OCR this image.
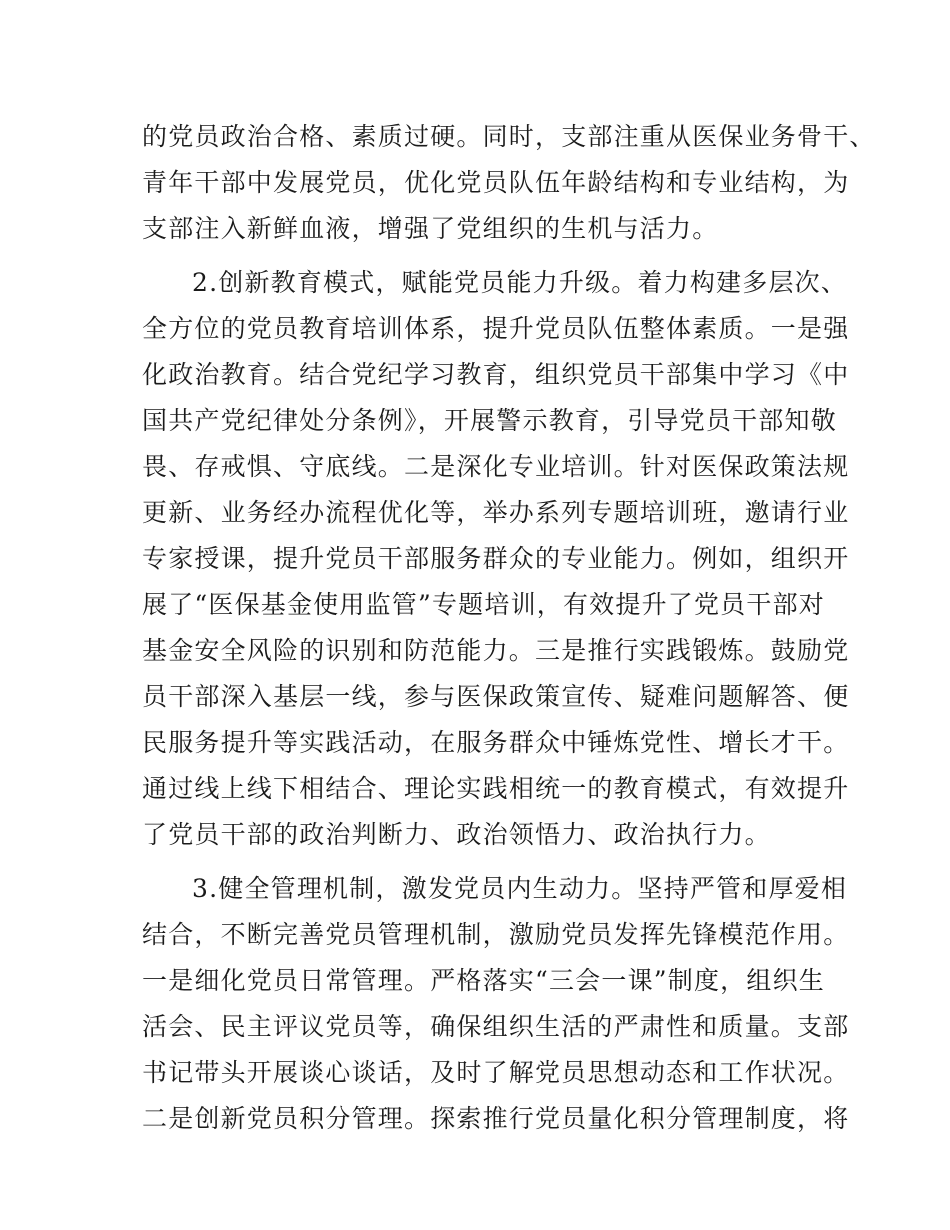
的党员政治合格、素质过硬。同时，支部注重从医保业务骨干、
青年干部中发展党员，优化党员队伍年龄结构和专业结构，为
支部注入新鲜血液，增强了党组织的生机与活力。
2.创新教育模式，赋能党员能力升级。着力构建多层次、
全方位的党员教育培训体系，提升党员队伍整体素质。一是强
化政治教育。结合党纪学习教育，组织党员干部集中学习《中
国共产党纪律处分条例》，开展警示教育，引导党员干部知敬
畏、存戒惧、守底线。二是深化专业培训。针对医保政策法规
更新、业务经办流程优化等，举办系列专题培训班，邀请行业
专家授课，提升党员干部服务群众的专业能力。例如，组织开
展了“医保基金使用监管”专题培训，有效提升了党员干部对
基金安全风险的识别和防范能力。三是推行实践锻炼。鼓励党
员干部深入基层一线，参与医保政策宣传、疑难问题解答、便
民服务提升等实践活动，在服务群众中锤炼党性、增长才干。
通过线上线下相结合、理论实践相统一的教育模式，有效提升
了党员干部的政治判断力、政治领悟力、政治执行力。
3.健全管理机制，激发党员内生动力。坚持严管和厚爱相
结合，不断完善党员管理机制，激励党员发挥先锋模范作用。
一是细化党员日常管理。严格落实“三会一课”制度，组织生
活会、民主评议党员等，确保组织生活的严肃性和质量。支部
书记带头开展谈心谈话，及时了解党员思想动态和工作状况。
二是创新党员积分管理。探索推行党员量化积分管理制度，将
